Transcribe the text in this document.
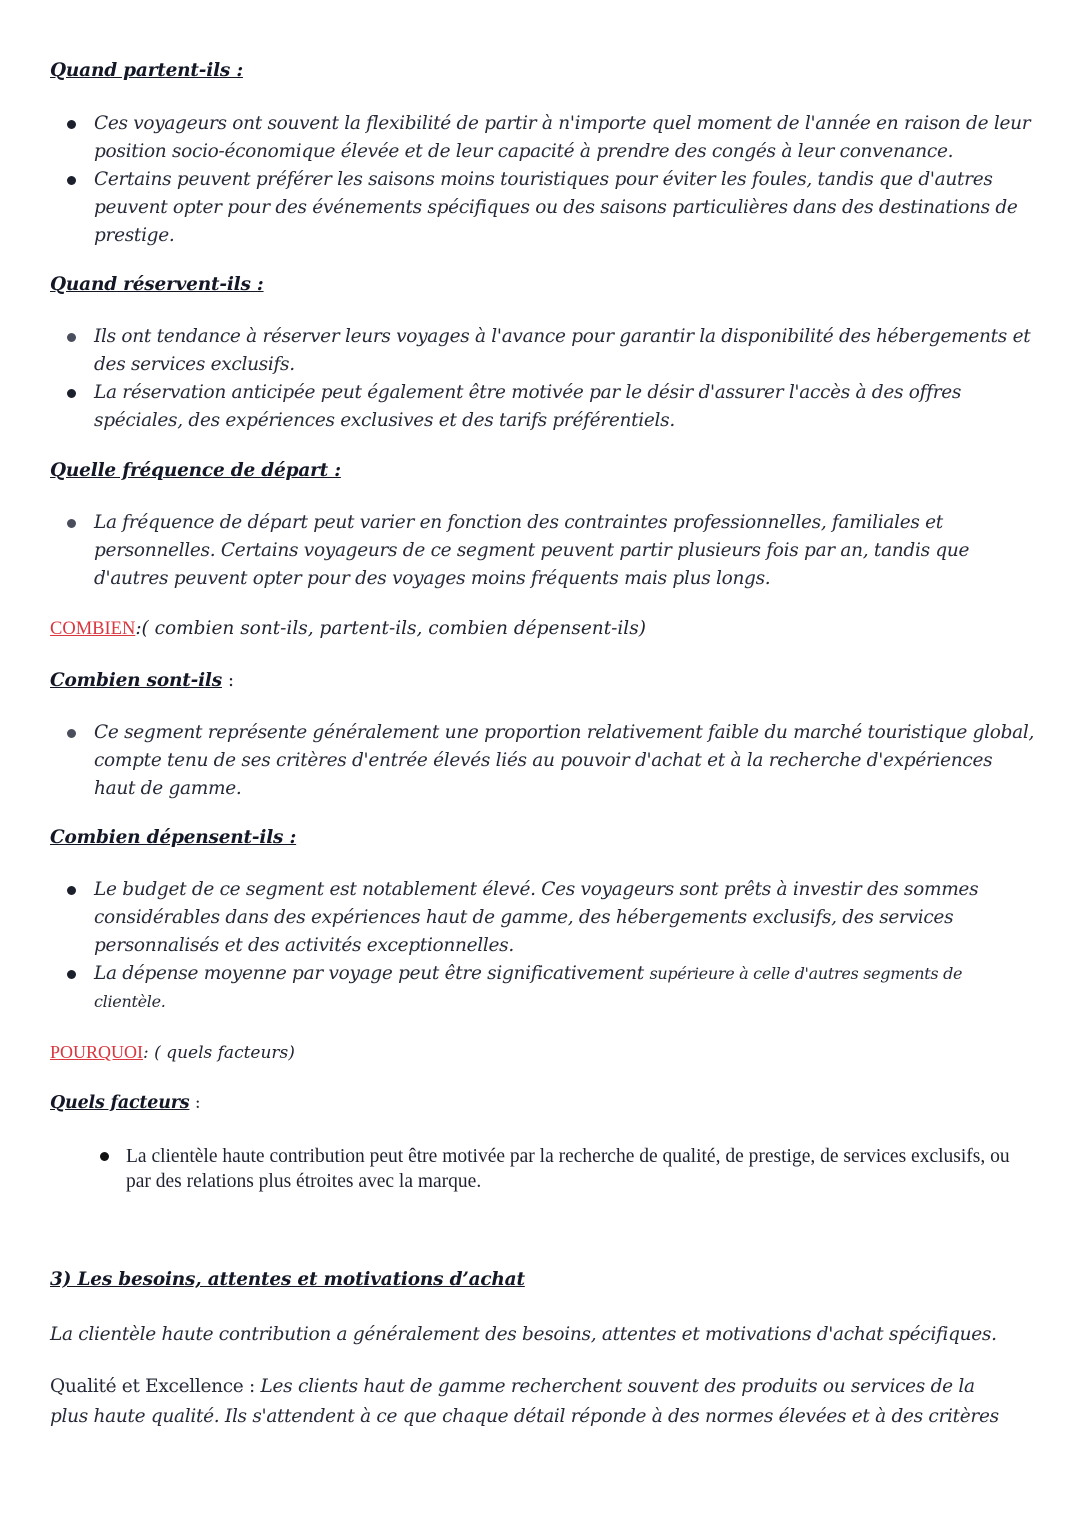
Quand partent-ils :
Ces voyageurs ont souvent la flexibilité de partir à n'importe quel moment de l'année en raison de leur position socio-économique élevée et de leur capacité à prendre des congés à leur convenance.
Certains peuvent préférer les saisons moins touristiques pour éviter les foules, tandis que d'autres peuvent opter pour des événements spécifiques ou des saisons particulières dans des destinations de prestige.
Quand réservent-ils :
Ils ont tendance à réserver leurs voyages à l'avance pour garantir la disponibilité des hébergements et des services exclusifs.
La réservation anticipée peut également être motivée par le désir d'assurer l'accès à des offres spéciales, des expériences exclusives et des tarifs préférentiels.
Quelle fréquence de départ :
La fréquence de départ peut varier en fonction des contraintes professionnelles, familiales et personnelles. Certains voyageurs de ce segment peuvent partir plusieurs fois par an, tandis que d'autres peuvent opter pour des voyages moins fréquents mais plus longs.
COMBIEN:( combien sont-ils, partent-ils, combien dépensent-ils)
Combien sont-ils :
Ce segment représente généralement une proportion relativement faible du marché touristique global, compte tenu de ses critères d'entrée élevés liés au pouvoir d'achat et à la recherche d'expériences haut de gamme.
Combien dépensent-ils :
Le budget de ce segment est notablement élevé. Ces voyageurs sont prêts à investir des sommes considérables dans des expériences haut de gamme, des hébergements exclusifs, des services personnalisés et des activités exceptionnelles.
La dépense moyenne par voyage peut être significativement supérieure à celle d'autres segments de clientèle.
POURQUOI: ( quels facteurs)
Quels facteurs :
La clientèle haute contribution peut être motivée par la recherche de qualité, de prestige, de services exclusifs, ou par des relations plus étroites avec la marque.
3) Les besoins, attentes et motivations d’achat
La clientèle haute contribution a généralement des besoins, attentes et motivations d'achat spécifiques.
Qualité et Excellence : Les clients haut de gamme recherchent souvent des produits ou services de la plus haute qualité. Ils s'attendent à ce que chaque détail réponde à des normes élevées et à des critères
